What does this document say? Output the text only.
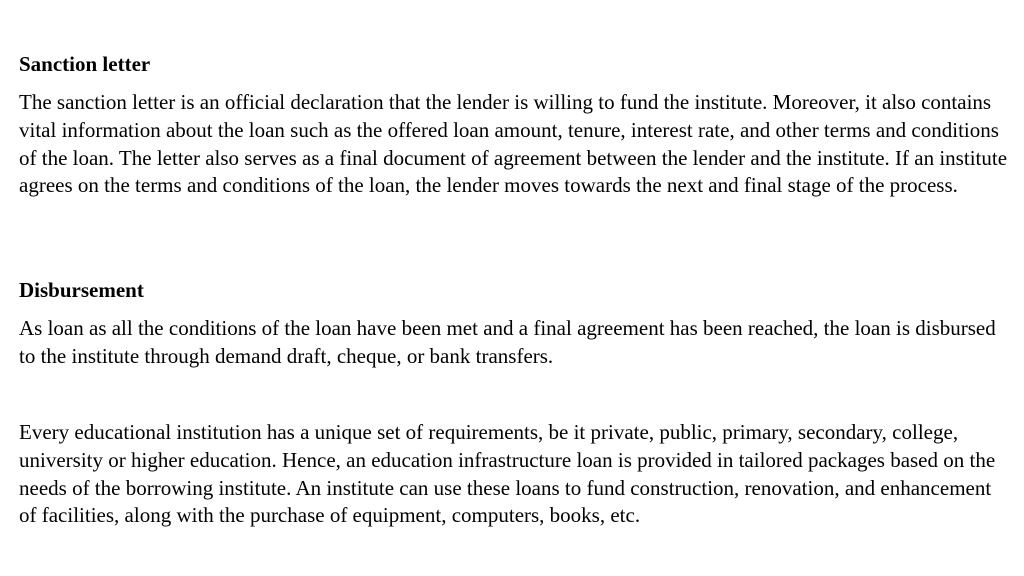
Sanction letter
The sanction letter is an official declaration that the lender is willing to fund the institute. Moreover, it also contains vital information about the loan such as the offered loan amount, tenure, interest rate, and other terms and conditions of the loan. The letter also serves as a final document of agreement between the lender and the institute. If an institute agrees on the terms and conditions of the loan, the lender moves towards the next and final stage of the process.
Disbursement
As loan as all the conditions of the loan have been met and a final agreement has been reached, the loan is disbursed to the institute through demand draft, cheque, or bank transfers.
Every educational institution has a unique set of requirements, be it private, public, primary, secondary, college, university or higher education. Hence, an education infrastructure loan is provided in tailored packages based on the needs of the borrowing institute. An institute can use these loans to fund construction, renovation, and enhancement of facilities, along with the purchase of equipment, computers, books, etc.
